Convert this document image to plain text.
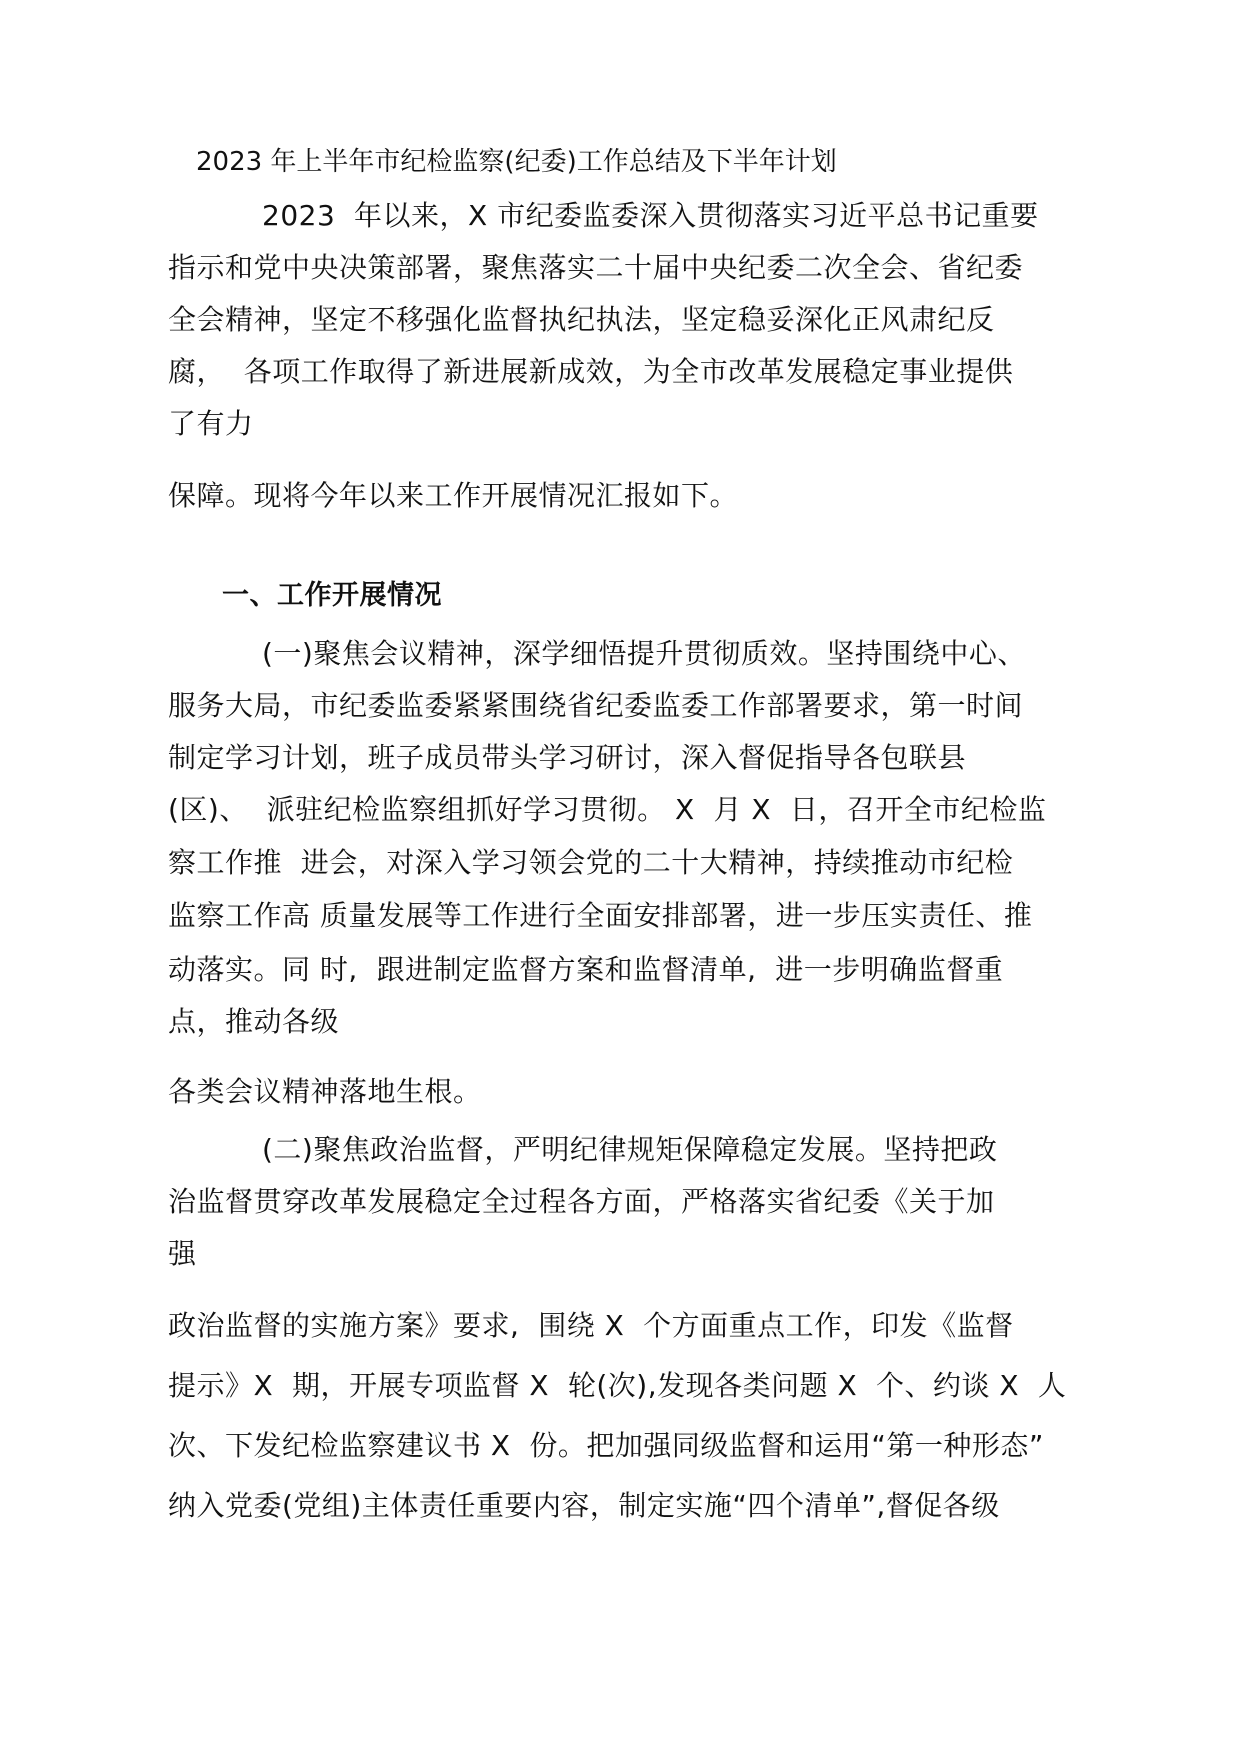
2023 年上半年市纪检监察(纪委)工作总结及下半年计划
2023  年以来，X 市纪委监委深入贯彻落实习近平总书记重要
指示和党中央决策部署，聚焦落实二十届中央纪委二次全会、省纪委
全会精神，坚定不移强化监督执纪执法，坚定稳妥深化正风肃纪反
腐，  各项工作取得了新进展新成效，为全市改革发展稳定事业提供
了有力
保障。现将今年以来工作开展情况汇报如下。
一、工作开展情况
(一)聚焦会议精神，深学细悟提升贯彻质效。坚持围绕中心、
服务大局，市纪委监委紧紧围绕省纪委监委工作部署要求，第一时间
制定学习计划，班子成员带头学习研讨，深入督促指导各包联县
(区)、  派驻纪检监察组抓好学习贯彻。 X  月 X  日，召开全市纪检监
察工作推  进会，对深入学习领会党的二十大精神，持续推动市纪检
监察工作高 质量发展等工作进行全面安排部署，进一步压实责任、推
动落实。同 时,  跟进制定监督方案和监督清单,  进一步明确监督重
点，推动各级
各类会议精神落地生根。
(二)聚焦政治监督，严明纪律规矩保障稳定发展。坚持把政
治监督贯穿改革发展稳定全过程各方面，严格落实省纪委《关于加
强
政治监督的实施方案》要求,  围绕 X  个方面重点工作，印发《监督
提示》X  期，开展专项监督 X  轮(次),发现各类问题 X  个、约谈 X  人
次、下发纪检监察建议书 X  份。把加强同级监督和运用“第一种形态”
纳入党委(党组)主体责任重要内容，制定实施“四个清单”,督促各级
